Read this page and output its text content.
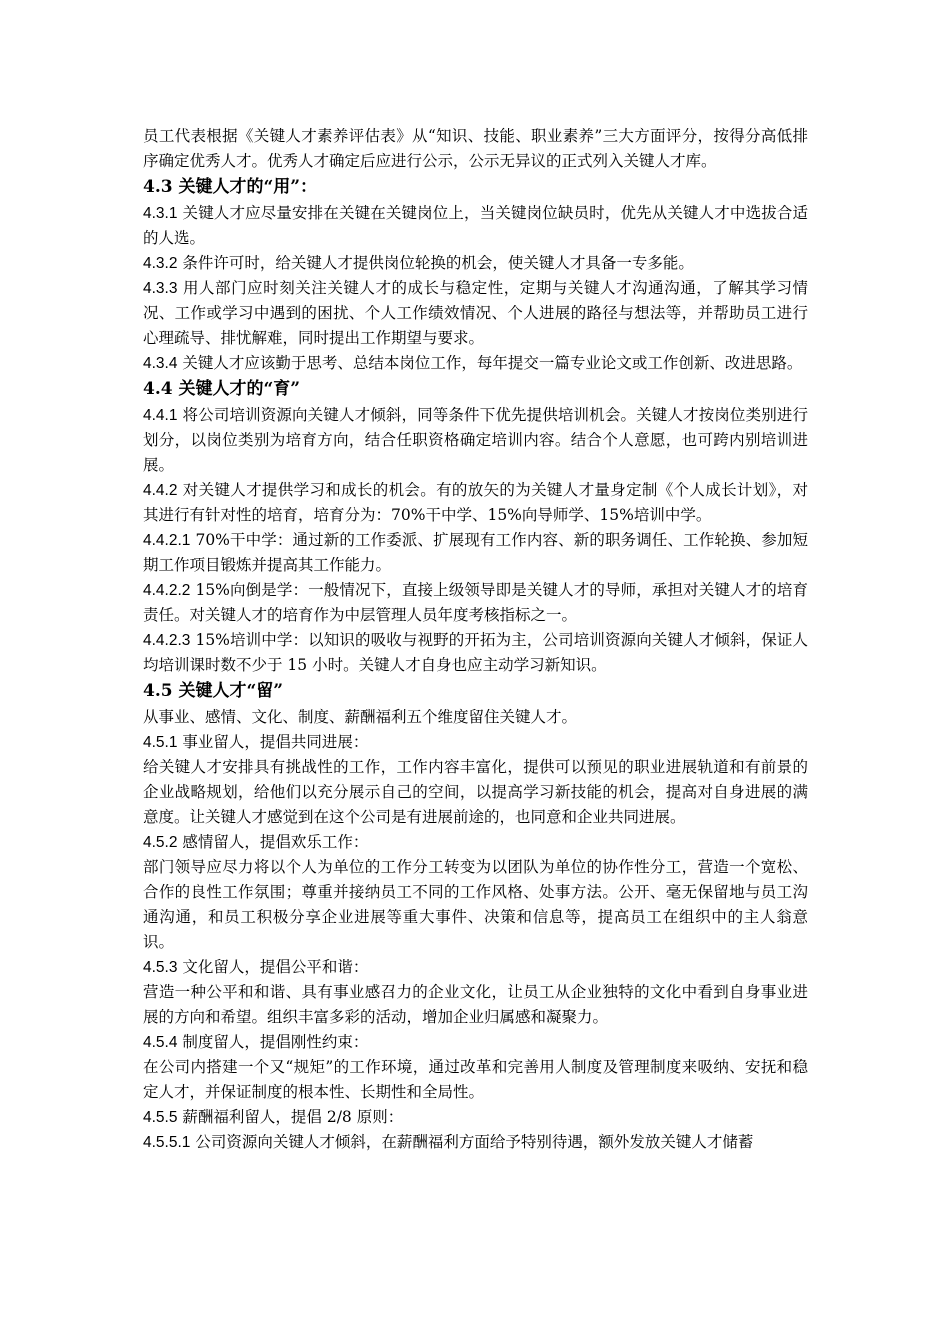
员工代表根据《关键人才素养评估表》从“知识、技能、职业素养”三大方面评分，按得分高低排序确定优秀人才。优秀人才确定后应进行公示，公示无异议的正式列入关键人才库。

4.3 关键人才的“用”：

4.3.1 关键人才应尽量安排在关键在关键岗位上，当关键岗位缺员时，优先从关键人才中选拔合适的人选。

4.3.2 条件许可时，给关键人才提供岗位轮换的机会，使关键人才具备一专多能。

4.3.3 用人部门应时刻关注关键人才的成长与稳定性，定期与关键人才沟通沟通，了解其学习情况、工作或学习中遇到的困扰、个人工作绩效情况、个人进展的路径与想法等，并帮助员工进行心理疏导、排忧解难，同时提出工作期望与要求。

4.3.4 关键人才应该勤于思考、总结本岗位工作，每年提交一篇专业论文或工作创新、改进思路。

4.4 关键人才的“育”

4.4.1 将公司培训资源向关键人才倾斜，同等条件下优先提供培训机会。关键人才按岗位类别进行划分，以岗位类别为培育方向，结合任职资格确定培训内容。结合个人意愿，也可跨内别培训进展。

4.4.2 对关键人才提供学习和成长的机会。有的放矢的为关键人才量身定制《个人成长计划》，对其进行有针对性的培育，培育分为：70%干中学、15%向导师学、15%培训中学。

4.4.2.1 70%干中学：通过新的工作委派、扩展现有工作内容、新的职务调任、工作轮换、参加短期工作项目锻炼并提高其工作能力。

4.4.2.2 15%向倒是学：一般情况下，直接上级领导即是关键人才的导师，承担对关键人才的培育责任。对关键人才的培育作为中层管理人员年度考核指标之一。

4.4.2.3 15%培训中学：以知识的吸收与视野的开拓为主，公司培训资源向关键人才倾斜，保证人均培训课时数不少于 15 小时。关键人才自身也应主动学习新知识。

4.5 关键人才“留”

从事业、感情、文化、制度、薪酬福利五个维度留住关键人才。

4.5.1 事业留人，提倡共同进展：

给关键人才安排具有挑战性的工作，工作内容丰富化，提供可以预见的职业进展轨道和有前景的企业战略规划，给他们以充分展示自己的空间，以提高学习新技能的机会，提高对自身进展的满意度。让关键人才感觉到在这个公司是有进展前途的，也同意和企业共同进展。

4.5.2 感情留人，提倡欢乐工作：

部门领导应尽力将以个人为单位的工作分工转变为以团队为单位的协作性分工，营造一个宽松、合作的良性工作氛围；尊重并接纳员工不同的工作风格、处事方法。公开、毫无保留地与员工沟通沟通，和员工积极分享企业进展等重大事件、决策和信息等，提高员工在组织中的主人翁意识。

4.5.3 文化留人，提倡公平和谐：

营造一种公平和和谐、具有事业感召力的企业文化，让员工从企业独特的文化中看到自身事业进展的方向和希望。组织丰富多彩的活动，增加企业归属感和凝聚力。

4.5.4 制度留人，提倡刚性约束：

在公司内搭建一个又“规矩”的工作环境，通过改革和完善用人制度及管理制度来吸纳、安抚和稳定人才，并保证制度的根本性、长期性和全局性。

4.5.5 薪酬福利留人，提倡 2/8 原则：

4.5.5.1 公司资源向关键人才倾斜，在薪酬福利方面给予特别待遇，额外发放关键人才储蓄
